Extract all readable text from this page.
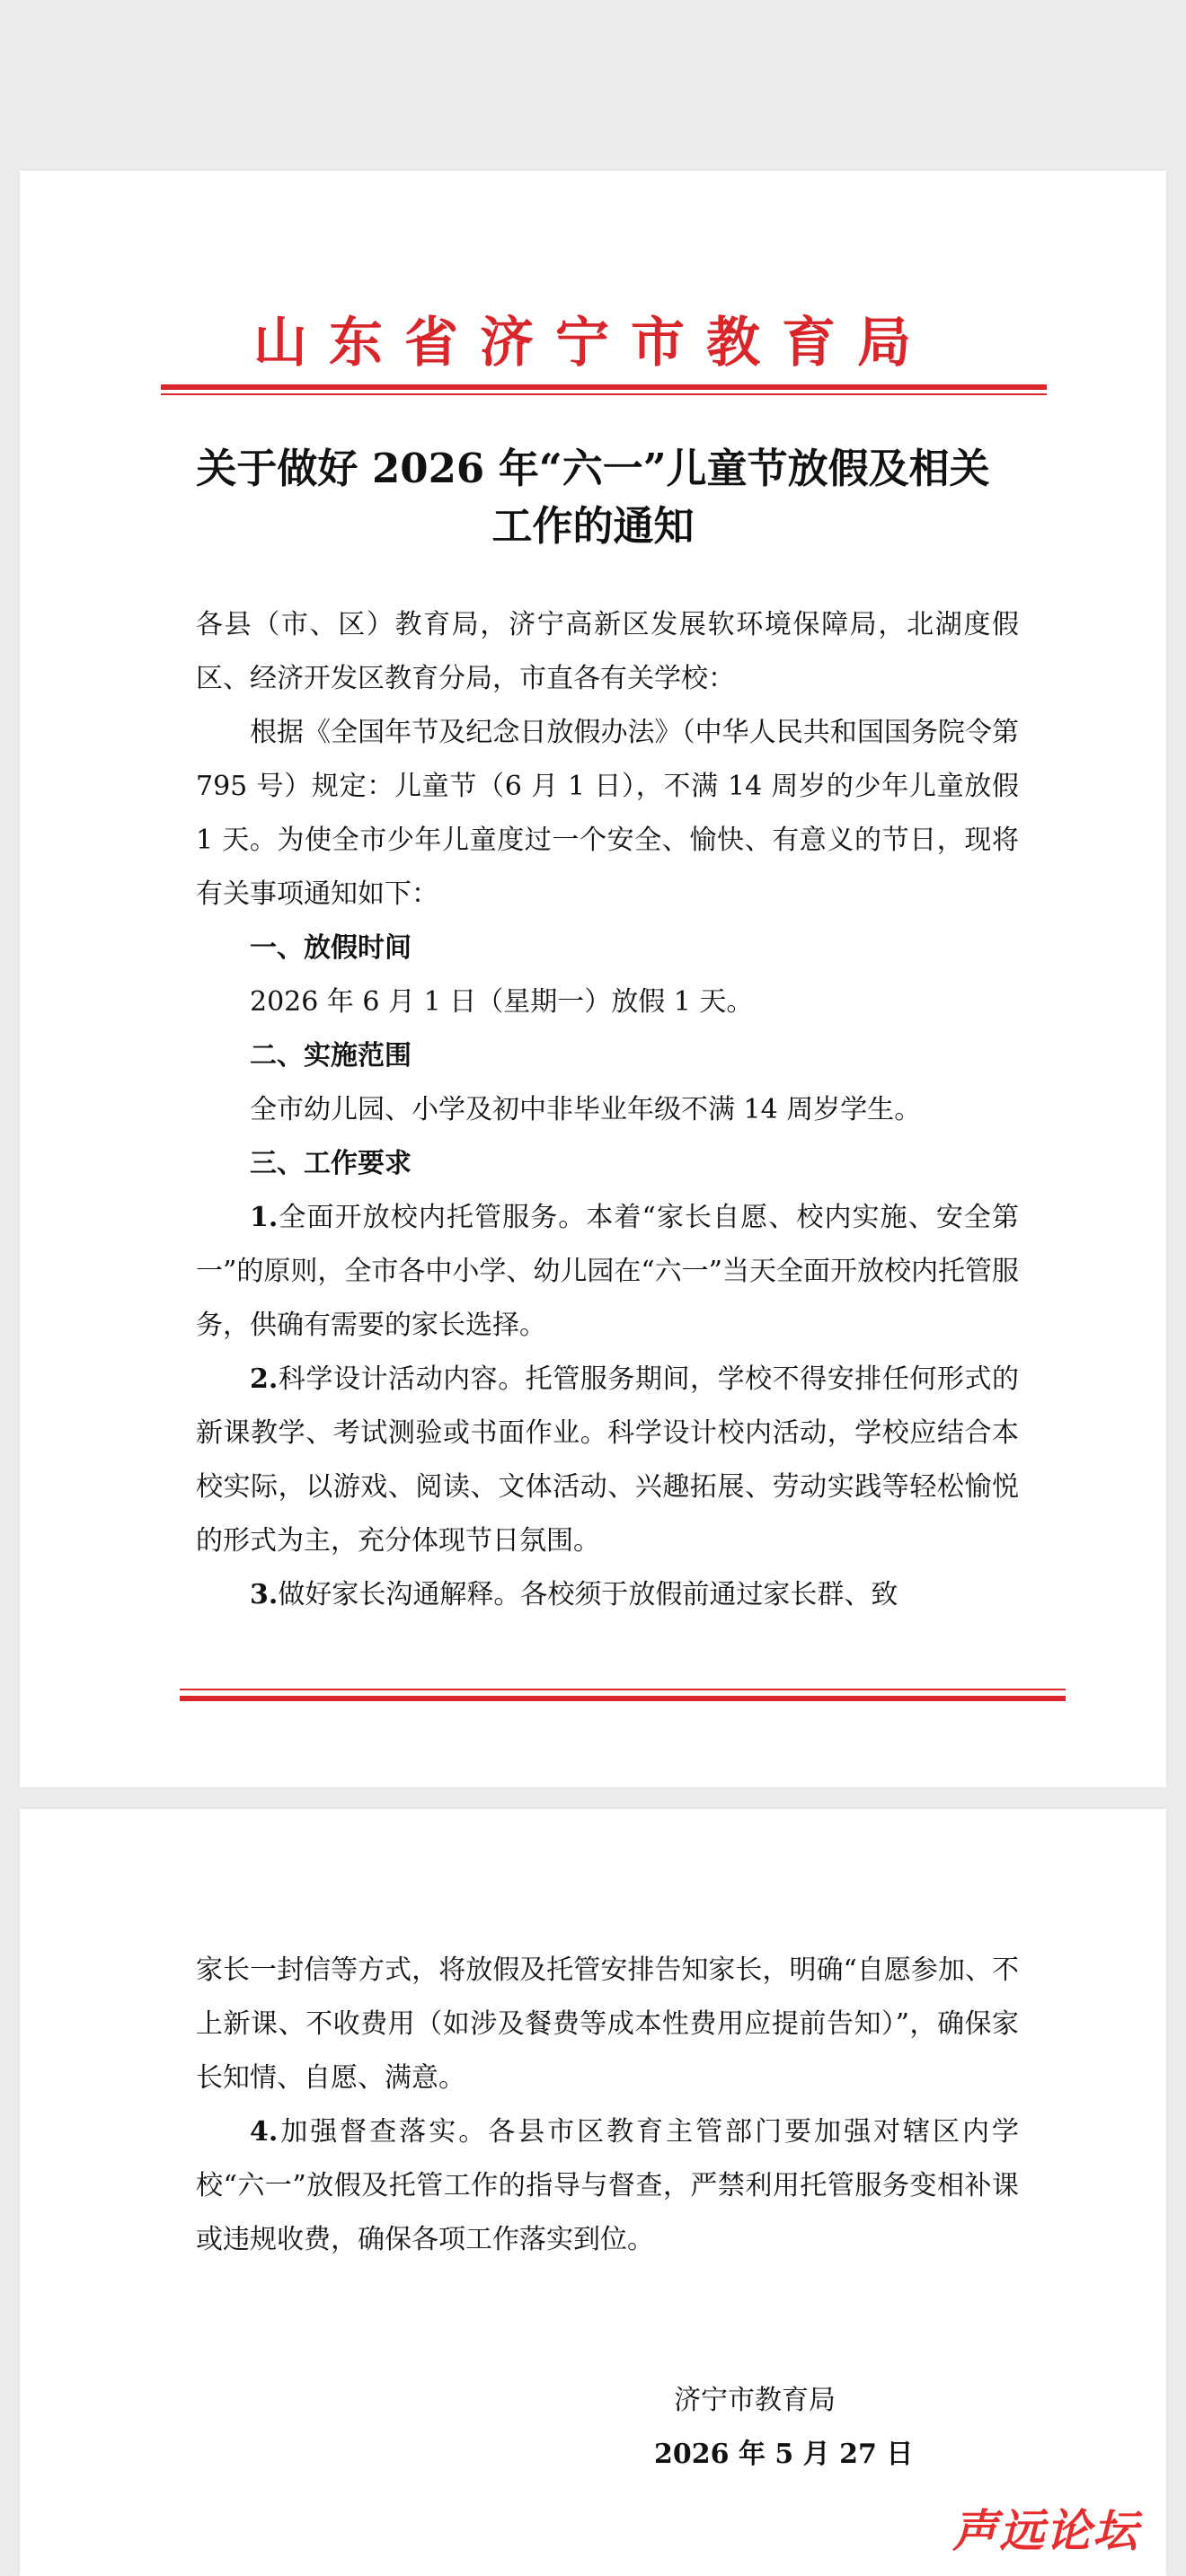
山东省济宁市教育局
关于做好 2026 年“六一”儿童节放假及相关
工作的通知

各县（市、区）教育局，济宁高新区发展软环境保障局，北湖度假区、经济开发区教育分局，市直各有关学校：

根据《全国年节及纪念日放假办法》（中华人民共和国国务院令第 795 号）规定：儿童节（6 月 1 日），不满 14 周岁的少年儿童放假 1 天。为使全市少年儿童度过一个安全、愉快、有意义的节日，现将有关事项通知如下：

一、放假时间

2026 年 6 月 1 日（星期一）放假 1 天。

二、实施范围

全市幼儿园、小学及初中非毕业年级不满 14 周岁学生。

三、工作要求

1.全面开放校内托管服务。本着“家长自愿、校内实施、安全第一”的原则，全市各中小学、幼儿园在“六一”当天全面开放校内托管服务，供确有需要的家长选择。

2.科学设计活动内容。托管服务期间，学校不得安排任何形式的新课教学、考试测验或书面作业。科学设计校内活动，学校应结合本校实际，以游戏、阅读、文体活动、兴趣拓展、劳动实践等轻松愉悦的形式为主，充分体现节日氛围。

3.做好家长沟通解释。各校须于放假前通过家长群、致

家长一封信等方式，将放假及托管安排告知家长，明确“自愿参加、不上新课、不收费用（如涉及餐费等成本性费用应提前告知）”，确保家长知情、自愿、满意。

4.加强督查落实。各县市区教育主管部门要加强对辖区内学校“六一”放假及托管工作的指导与督查，严禁利用托管服务变相补课或违规收费，确保各项工作落实到位。

济宁市教育局
2026 年 5 月 27 日
声远论坛
